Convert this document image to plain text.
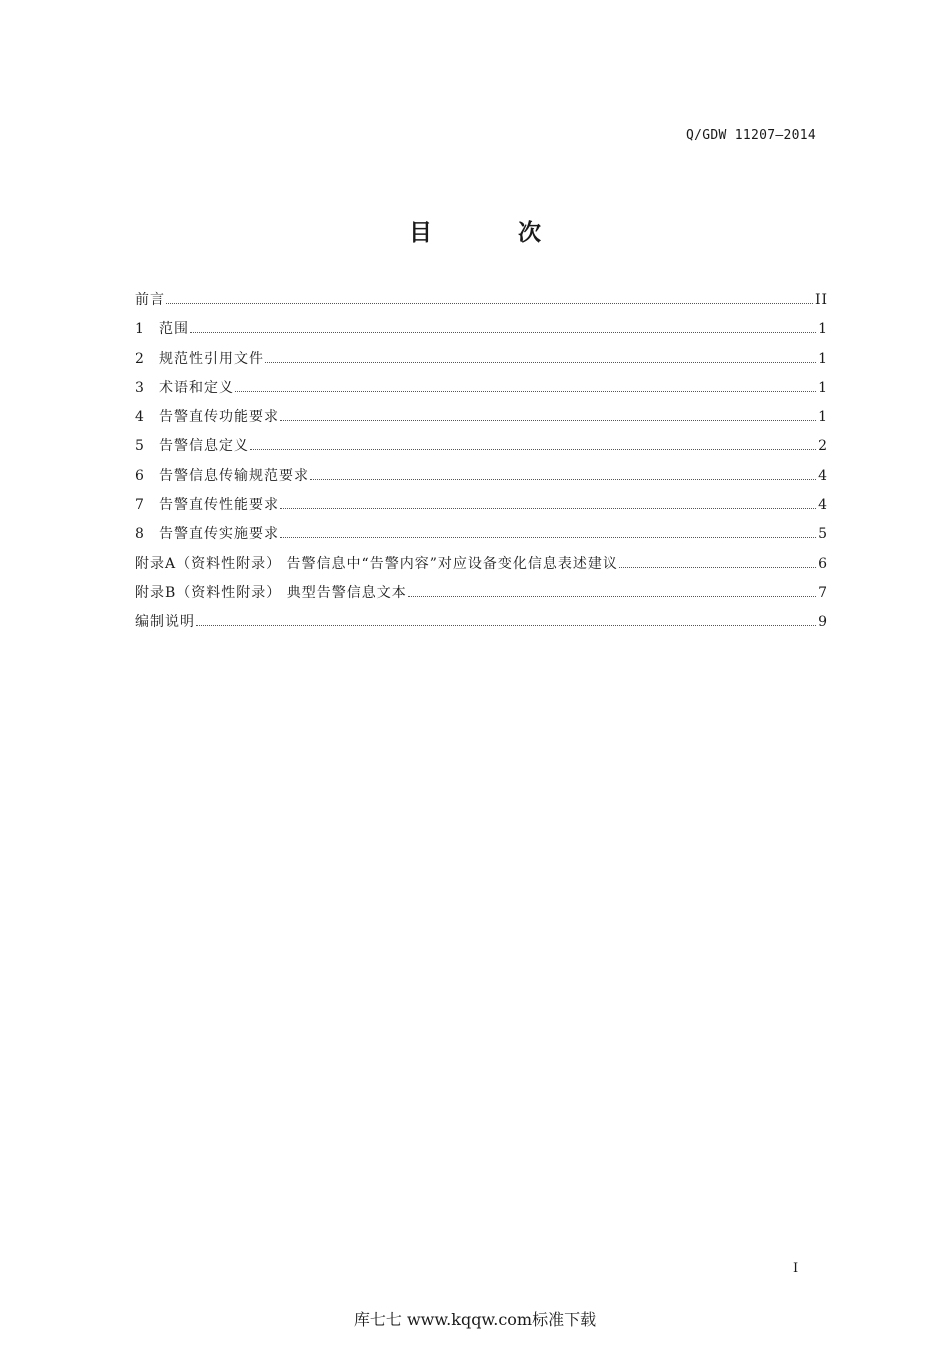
Q/GDW 11207—2014
目	次
前言	II
1	范围	1
2	规范性引用文件	1
3	术语和定义	1
4	告警直传功能要求	1
5	告警信息定义	2
6	告警信息传输规范要求	4
7	告警直传性能要求	4
8	告警直传实施要求	5
附录A（资料性附录） 告警信息中“告警内容”对应设备变化信息表述建议	6
附录B（资料性附录） 典型告警信息文本	7
编制说明	9
I
库七七 www.kqqw.com标准下载
